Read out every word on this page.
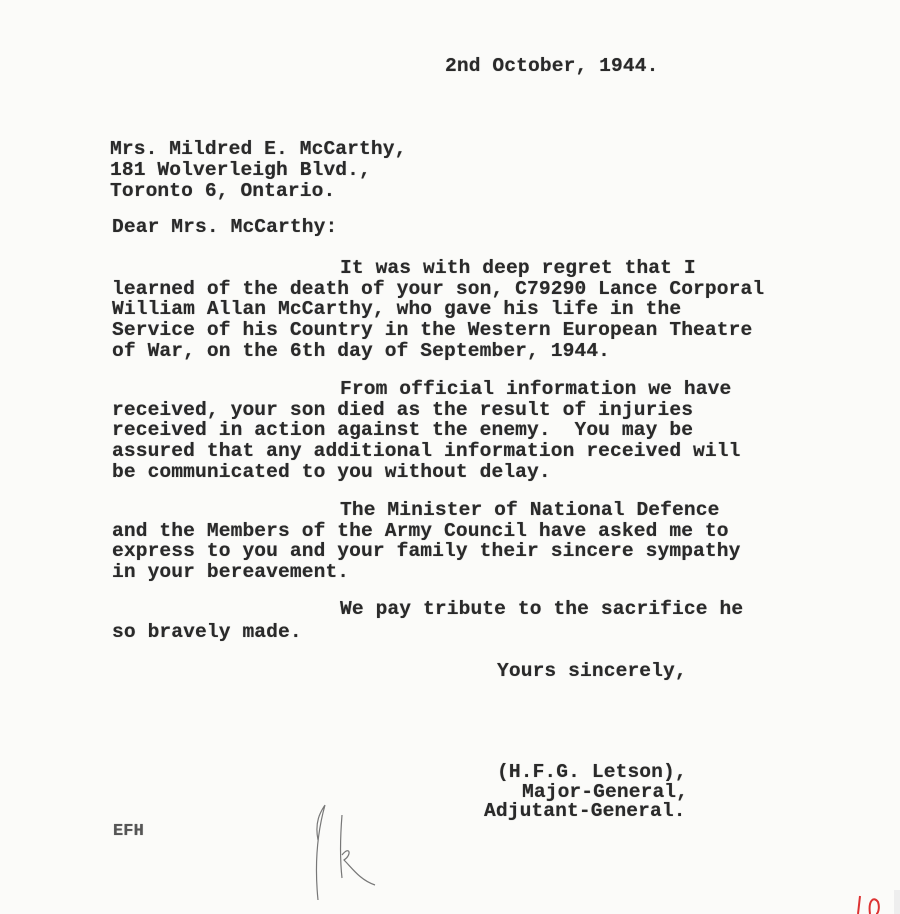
2nd October, 1944.
Mrs. Mildred E. McCarthy,
181 Wolverleigh Blvd.,
Toronto 6, Ontario.
Dear Mrs. McCarthy:
It was with deep regret that I
learned of the death of your son, C79290 Lance Corporal
William Allan McCarthy, who gave his life in the
Service of his Country in the Western European Theatre
of War, on the 6th day of September, 1944.
From official information we have
received, your son died as the result of injuries
received in action against the enemy.  You may be
assured that any additional information received will
be communicated to you without delay.
The Minister of National Defence
and the Members of the Army Council have asked me to
express to you and your family their sincere sympathy
in your bereavement.
We pay tribute to the sacrifice he
so bravely made.
Yours sincerely,
(H.F.G. Letson),
Major-General,
Adjutant-General.
EFH
